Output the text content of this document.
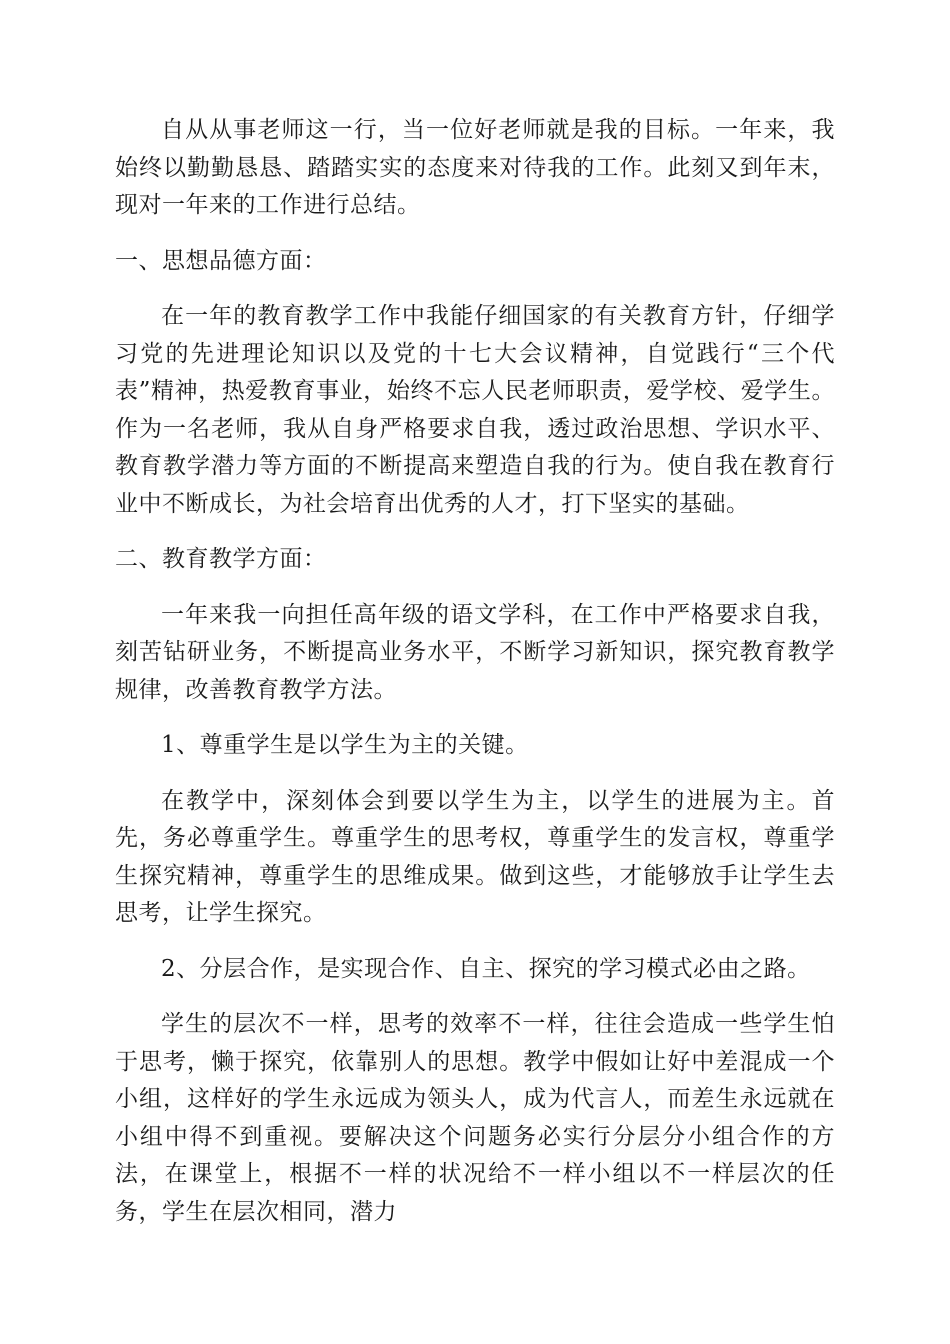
自从从事老师这一行，当一位好老师就是我的目标。一年来，我始终以勤勤恳恳、踏踏实实的态度来对待我的工作。此刻又到年末，现对一年来的工作进行总结。

一、思想品德方面：

在一年的教育教学工作中我能仔细国家的有关教育方针，仔细学习党的先进理论知识以及党的十七大会议精神，自觉践行“三个代表”精神，热爱教育事业，始终不忘人民老师职责，爱学校、爱学生。作为一名老师，我从自身严格要求自我，透过政治思想、学识水平、教育教学潜力等方面的不断提高来塑造自我的行为。使自我在教育行业中不断成长，为社会培育出优秀的人才，打下坚实的基础。

二、教育教学方面：

一年来我一向担任高年级的语文学科，在工作中严格要求自我，刻苦钻研业务，不断提高业务水平，不断学习新知识，探究教育教学规律，改善教育教学方法。

1、尊重学生是以学生为主的关键。

在教学中，深刻体会到要以学生为主，以学生的进展为主。首先，务必尊重学生。尊重学生的思考权，尊重学生的发言权，尊重学生探究精神，尊重学生的思维成果。做到这些，才能够放手让学生去思考，让学生探究。

2、分层合作，是实现合作、自主、探究的学习模式必由之路。

学生的层次不一样，思考的效率不一样，往往会造成一些学生怕于思考，懒于探究，依靠别人的思想。教学中假如让好中差混成一个小组，这样好的学生永远成为领头人，成为代言人，而差生永远就在小组中得不到重视。要解决这个问题务必实行分层分小组合作的方法，在课堂上，根据不一样的状况给不一样小组以不一样层次的任务，学生在层次相同，潜力
